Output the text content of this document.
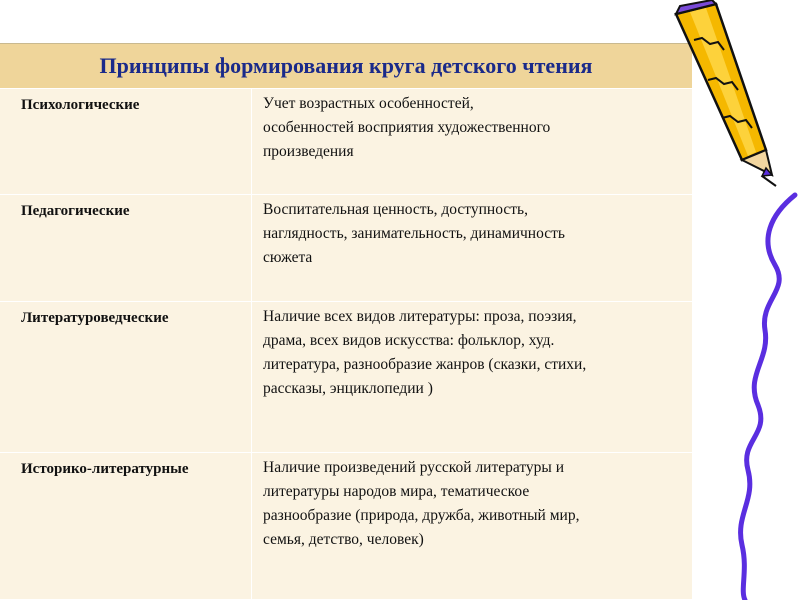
Принципы формирования круга детского чтения
Психологические	Учет возрастных особенностей,
особенностей восприятия художественного
произведения
Педагогические	Воспитательная ценность, доступность,
наглядность, занимательность, динамичность
сюжета
Литературоведческие	Наличие всех видов литературы: проза, поэзия,
драма, всех видов искусства: фольклор, худ.
литература, разнообразие жанров (сказки, стихи,
рассказы, энциклопедии )
Историко-литературные	Наличие произведений русской литературы и
литературы народов мира, тематическое
разнообразие (природа, дружба, животный мир,
семья, детство, человек)
